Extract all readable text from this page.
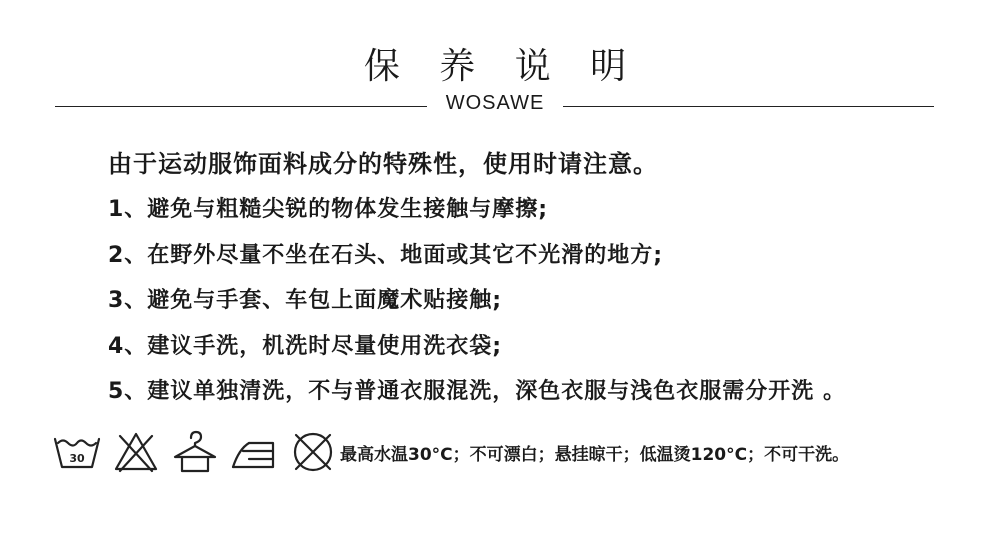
保 养 说 明
WOSAWE
由于运动服饰面料成分的特殊性，使用时请注意。
1、避免与粗糙尖锐的物体发生接触与摩擦;
2、在野外尽量不坐在石头、地面或其它不光滑的地方;
3、避免与手套、车包上面魔术贴接触;
4、建议手洗，机洗时尽量使用洗衣袋;
5、建议单独清洗，不与普通衣服混洗，深色衣服与浅色衣服需分开洗 。
30	最高水温30°C；不可漂白；悬挂晾干；低温烫120°C；不可干洗。
